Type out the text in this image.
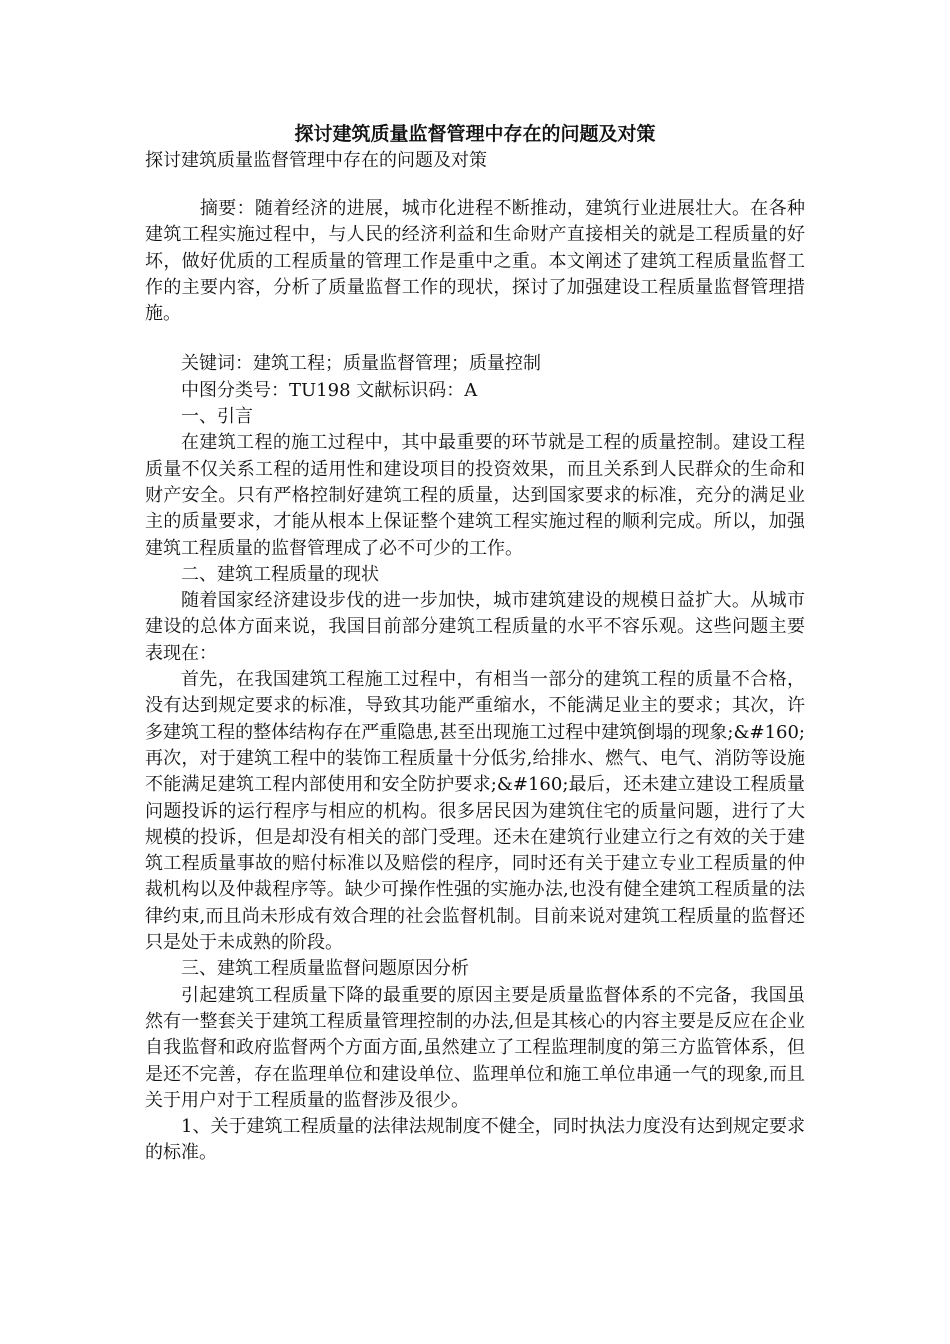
探讨建筑质量监督管理中存在的问题及对策
探讨建筑质量监督管理中存在的问题及对策

摘要：随着经济的进展，城市化进程不断推动，建筑行业进展壮大。在各种建筑工程实施过程中，与人民的经济利益和生命财产直接相关的就是工程质量的好坏，做好优质的工程质量的管理工作是重中之重。本文阐述了建筑工程质量监督工作的主要内容，分析了质量监督工作的现状，探讨了加强建设工程质量监督管理措施。

关键词：建筑工程；质量监督管理；质量控制

中图分类号：TU198 文献标识码：A

一、引言

在建筑工程的施工过程中，其中最重要的环节就是工程的质量控制。建设工程质量不仅关系工程的适用性和建设项目的投资效果，而且关系到人民群众的生命和财产安全。只有严格控制好建筑工程的质量，达到国家要求的标准，充分的满足业主的质量要求，才能从根本上保证整个建筑工程实施过程的顺利完成。所以，加强建筑工程质量的监督管理成了必不可少的工作。

二、建筑工程质量的现状

随着国家经济建设步伐的进一步加快，城市建筑建设的规模日益扩大。从城市建设的总体方面来说，我国目前部分建筑工程质量的水平不容乐观。这些问题主要表现在：

首先，在我国建筑工程施工过程中，有相当一部分的建筑工程的质量不合格，没有达到规定要求的标准，导致其功能严重缩水，不能满足业主的要求；其次，许多建筑工程的整体结构存在严重隐患,甚至出现施工过程中建筑倒塌的现象;&#160;再次，对于建筑工程中的装饰工程质量十分低劣,给排水、燃气、电气、消防等设施不能满足建筑工程内部使用和安全防护要求;&#160;最后，还未建立建设工程质量问题投诉的运行程序与相应的机构。很多居民因为建筑住宅的质量问题，进行了大规模的投诉，但是却没有相关的部门受理。还未在建筑行业建立行之有效的关于建筑工程质量事故的赔付标准以及赔偿的程序，同时还有关于建立专业工程质量的仲裁机构以及仲裁程序等。缺少可操作性强的实施办法,也没有健全建筑工程质量的法律约束,而且尚未形成有效合理的社会监督机制。目前来说对建筑工程质量的监督还只是处于未成熟的阶段。

三、建筑工程质量监督问题原因分析

引起建筑工程质量下降的最重要的原因主要是质量监督体系的不完备，我国虽然有一整套关于建筑工程质量管理控制的办法,但是其核心的内容主要是反应在企业自我监督和政府监督两个方面方面,虽然建立了工程监理制度的第三方监管体系，但是还不完善，存在监理单位和建设单位、监理单位和施工单位串通一气的现象,而且关于用户对于工程质量的监督涉及很少。

1、关于建筑工程质量的法律法规制度不健全，同时执法力度没有达到规定要求的标准。
